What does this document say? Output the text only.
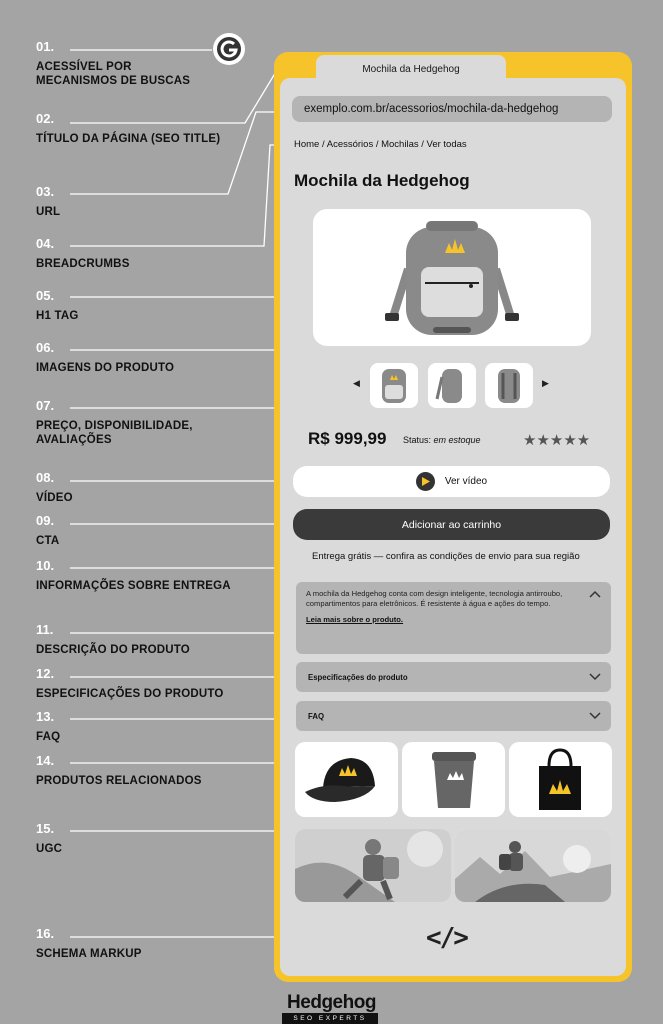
01.
ACESSÍVEL POR MECANISMOS DE BUSCAS
02.
TÍTULO DA PÁGINA (SEO TITLE)
03.
URL
04.
BREADCRUMBS
05.
H1 TAG
06.
IMAGENS DO PRODUTO
07.
PREÇO, DISPONIBILIDADE, AVALIAÇÕES
08.
VÍDEO
09.
CTA
10.
INFORMAÇÕES SOBRE ENTREGA
11.
DESCRIÇÃO DO PRODUTO
12.
ESPECIFICAÇÕES DO PRODUTO
13.
FAQ
14.
PRODUTOS RELACIONADOS
15.
UGC
16.
SCHEMA MARKUP
Mochila da Hedgehog
exemplo.com.br/acessorios/mochila-da-hedgehog
Home / Acessórios / Mochilas / Ver todas
Mochila da Hedgehog
◀	▶
R$ 999,99 Status: em estoque	★★★★★
Ver vídeo
Adicionar ao carrinho
Entrega grátis — confira as condições de envio para sua região
A mochila da Hedgehog conta com design inteligente, tecnologia antirroubo, compartimentos para eletrônicos. É resistente à água e ações do tempo.
Leia mais sobre o produto.
Especificações do produto
FAQ
</>
Hedgehog
SEO EXPERTS
